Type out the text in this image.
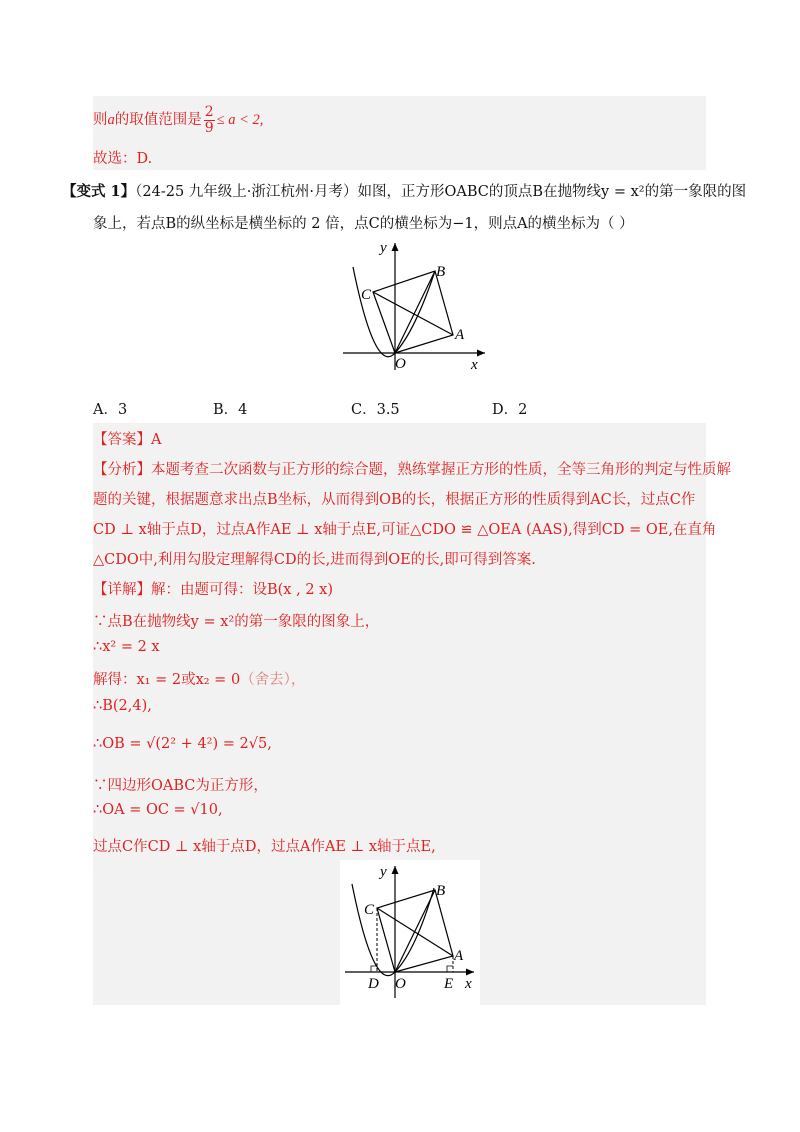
则a的取值范围是 $\frac{2}{9} \le a < 2$,
故选：D.
【变式 1】（24-25 九年级上·浙江杭州·月考）如图，正方形OABC的顶点B在抛物线y = x²的第一象限的图
象上，若点B的纵坐标是横坐标的 2 倍，点C的横坐标为−1，则点A的横坐标为（ ）
y
x
O
A
B
C
A．3	B．4	C．3.5	D．2
【答案】A
【分析】本题考查二次函数与正方形的综合题，熟练掌握正方形的性质，全等三角形的判定与性质解
题的关键，根据题意求出点B坐标，从而得到OB的长，根据正方形的性质得到AC长，过点C作
CD ⊥ x轴于点D，过点A作AE ⊥ x轴于点E,可证△CDO ≌ △OEA (AAS),得到CD = OE,在直角
△CDO中,利用勾股定理解得CD的长,进而得到OE的长,即可得到答案.
【详解】解：由题可得：设B(x , 2 x)
∵点B在抛物线y = x²的第一象限的图象上，
∴x² = 2 x
解得：x₁ = 2或x₂ = 0（舍去），
∴B(2,4),
∴OB = √(2² + 4²) = 2√5,
∵四边形OABC为正方形，
∴OA = OC = √10,
过点C作CD ⊥ x轴于点D，过点A作AE ⊥ x轴于点E,
y
x
O
A
B
C
D	E
